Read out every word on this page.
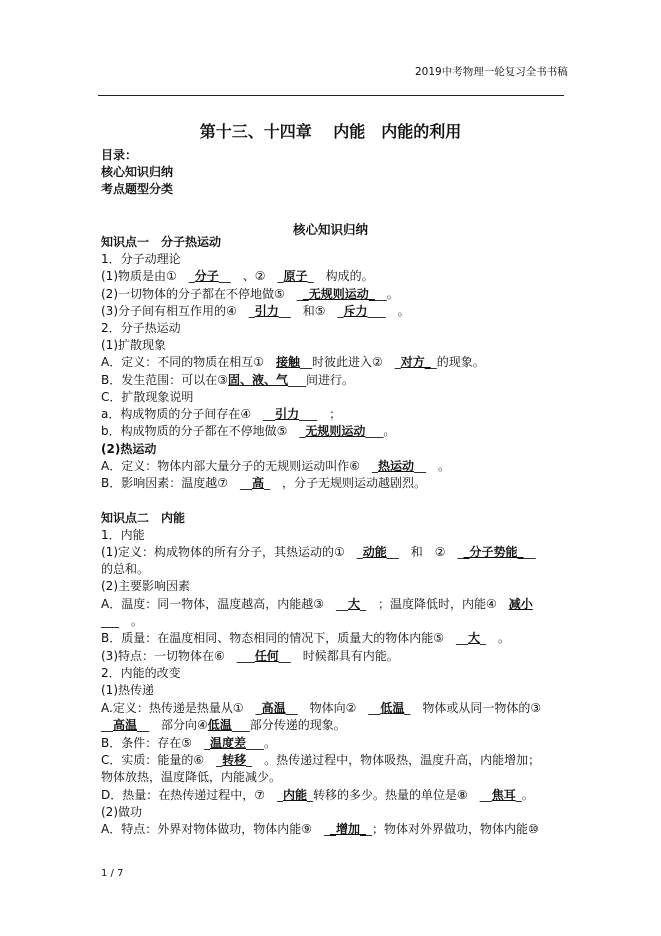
2019中考物理一轮复习全书书稿
第十三、十四章　 内能　内能的利用
目录：
核心知识归纳
考点题型分类
核心知识归纳
知识点一　分子热运动
1．分子动理论
(1)物质是由①　_分子__　、②　_原子_　构成的。
(2)一切物体的分子都在不停地做⑤　__无规则运动___。
(3)分子间有相互作用的④　_引力__　和⑤　_斥力___　。
2．分子热运动
(1)扩散现象
A．定义：不同的物质在相互①　接触__时彼此进入②　_对方__的现象。
B．发生范围：可以在③固、液、气___间进行。
C．扩散现象说明
a．构成物质的分子间存在④　__引力___　；
b．构成物质的分子都在不停地做⑤　_无规则运动___。
(2)热运动
A．定义：物体内部大量分子的无规则运动叫作⑥　_热运动__　。
B．影响因素：温度越⑦　__高_　，分子无规则运动越剧烈。
知识点二　内能
1．内能
(1)定义：构成物体的所有分子，其热运动的①　_动能__　和　②　__分子势能___
的总和。
(2)主要影响因素
A．温度：同一物体，温度越高，内能越③　__大_　；温度降低时，内能④　减小
___　。
B．质量：在温度相同、物态相同的情况下，质量大的物体内能⑤　__大_　。
(3)特点：一切物体在⑥　___任何__　时候都具有内能。
2．内能的改变
(1)热传递
A.定义：热传递是热量从①　_高温__　物体向②　__低温_　物体或从同一物体的③
__高温__　部分向④低温___部分传递的现象。
B．条件：存在⑤　_温度差___。
C．实质：能量的⑥　_转移_　。热传递过程中，物体吸热，温度升高，内能增加；
物体放热，温度降低，内能减少。
D．热量：在热传递过程中，⑦　_内能_转移的多少。热量的单位是⑧　__焦耳_。
(2)做功
A．特点：外界对物体做功，物体内能⑨　__增加__；物体对外界做功，物体内能⑩
1 / 7
